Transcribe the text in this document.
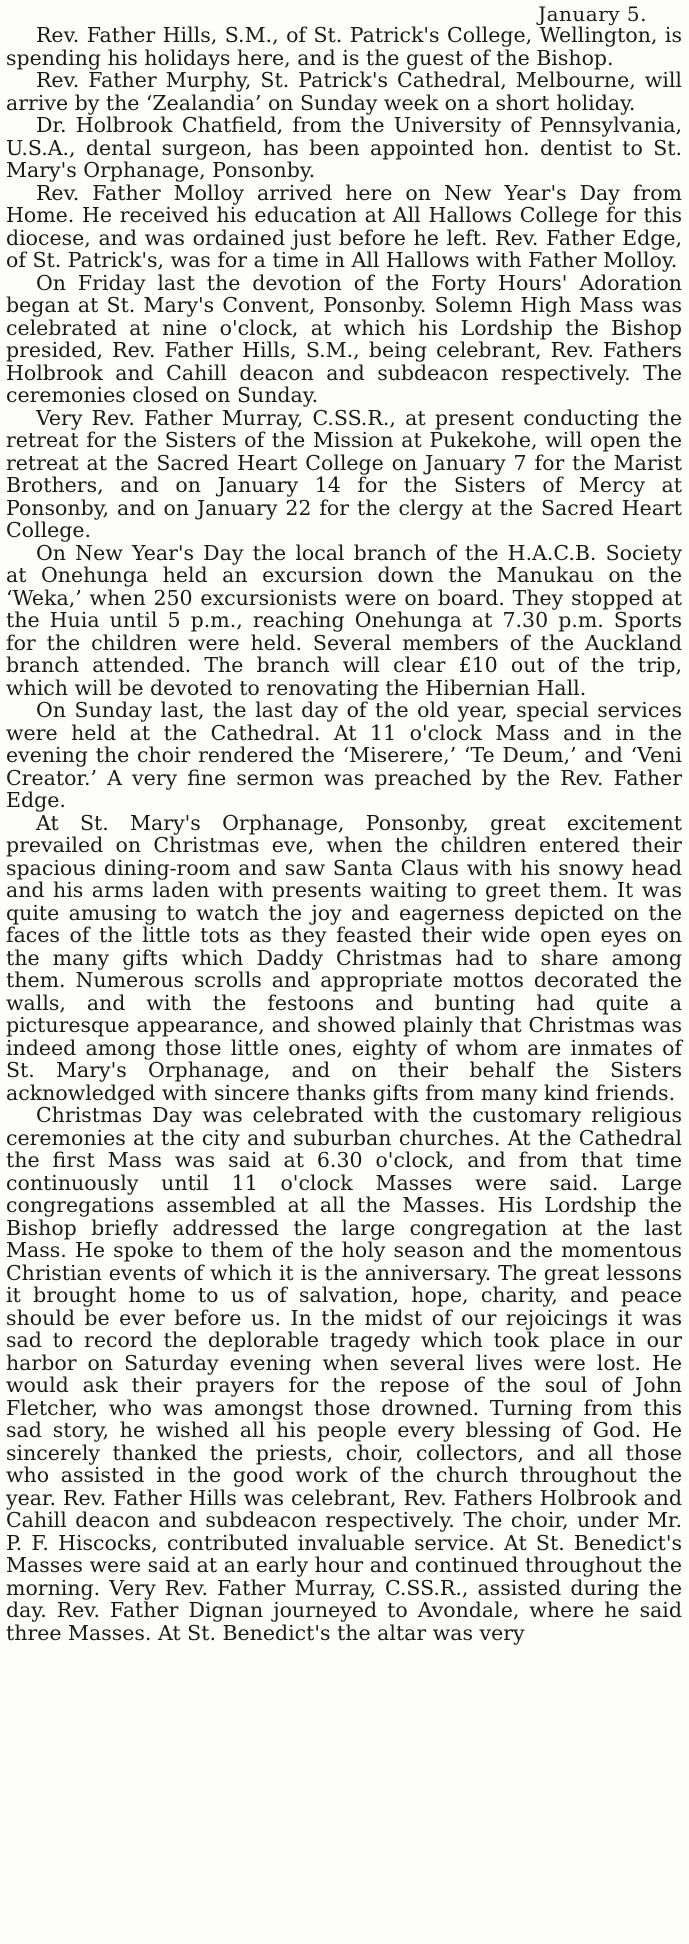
January 5.

Rev. Father Hills, S.M., of St. Patrick's College, Wellington, is spending his holidays here, and is the guest of the Bishop.

Rev. Father Murphy, St. Patrick's Cathedral, Melbourne, will arrive by the ‘Zealandia’ on Sunday week on a short holiday.

Dr. Holbrook Chatfield, from the University of Pennsylvania, U.S.A., dental surgeon, has been appointed hon. dentist to St. Mary's Orphanage, Ponsonby.

Rev. Father Molloy arrived here on New Year's Day from Home. He received his education at All Hallows College for this diocese, and was ordained just before he left. Rev. Father Edge, of St. Patrick's, was for a time in All Hallows with Father Molloy.

On Friday last the devotion of the Forty Hours' Adoration began at St. Mary's Convent, Ponsonby. Solemn High Mass was celebrated at nine o'clock, at which his Lordship the Bishop presided, Rev. Father Hills, S.M., being celebrant, Rev. Fathers Holbrook and Cahill deacon and subdeacon respectively. The ceremonies closed on Sunday.

Very Rev. Father Murray, C.SS.R., at present conducting the retreat for the Sisters of the Mission at Pukekohe, will open the retreat at the Sacred Heart College on January 7 for the Marist Brothers, and on January 14 for the Sisters of Mercy at Ponsonby, and on January 22 for the clergy at the Sacred Heart College.

On New Year's Day the local branch of the H.A.C.B. Society at Onehunga held an excursion down the Manukau on the ‘Weka,’ when 250 excursionists were on board. They stopped at the Huia until 5 p.m., reaching Onehunga at 7.30 p.m. Sports for the children were held. Several members of the Auckland branch attended. The branch will clear £10 out of the trip, which will be devoted to renovating the Hibernian Hall.

On Sunday last, the last day of the old year, special services were held at the Cathedral. At 11 o'clock Mass and in the evening the choir rendered the ‘Miserere,’ ‘Te Deum,’ and ‘Veni Creator.’ A very fine sermon was preached by the Rev. Father Edge.

At St. Mary's Orphanage, Ponsonby, great excitement prevailed on Christmas eve, when the children entered their spacious dining-room and saw Santa Claus with his snowy head and his arms laden with presents waiting to greet them. It was quite amusing to watch the joy and eagerness depicted on the faces of the little tots as they feasted their wide open eyes on the many gifts which Daddy Christmas had to share among them. Numerous scrolls and appropriate mottos decorated the walls, and with the festoons and bunting had quite a picturesque appearance, and showed plainly that Christmas was indeed among those little ones, eighty of whom are inmates of St. Mary's Orphanage, and on their behalf the Sisters acknowledged with sincere thanks gifts from many kind friends.

Christmas Day was celebrated with the customary religious ceremonies at the city and suburban churches. At the Cathedral the first Mass was said at 6.30 o'clock, and from that time continuously until 11 o'clock Masses were said. Large congregations assembled at all the Masses. His Lordship the Bishop briefly addressed the large congregation at the last Mass. He spoke to them of the holy season and the momentous Christian events of which it is the anniversary. The great lessons it brought home to us of salvation, hope, charity, and peace should be ever before us. In the midst of our rejoicings it was sad to record the deplorable tragedy which took place in our harbor on Saturday evening when several lives were lost. He would ask their prayers for the repose of the soul of John Fletcher, who was amongst those drowned. Turning from this sad story, he wished all his people every blessing of God. He sincerely thanked the priests, choir, collectors, and all those who assisted in the good work of the church throughout the year. Rev. Father Hills was celebrant, Rev. Fathers Holbrook and Cahill deacon and subdeacon respectively. The choir, under Mr. P. F. Hiscocks, contributed invaluable service. At St. Benedict's Masses were said at an early hour and continued throughout the morning. Very Rev. Father Murray, C.SS.R., assisted during the day. Rev. Father Dignan journeyed to Avondale, where he said three Masses. At St. Benedict's the altar was very
